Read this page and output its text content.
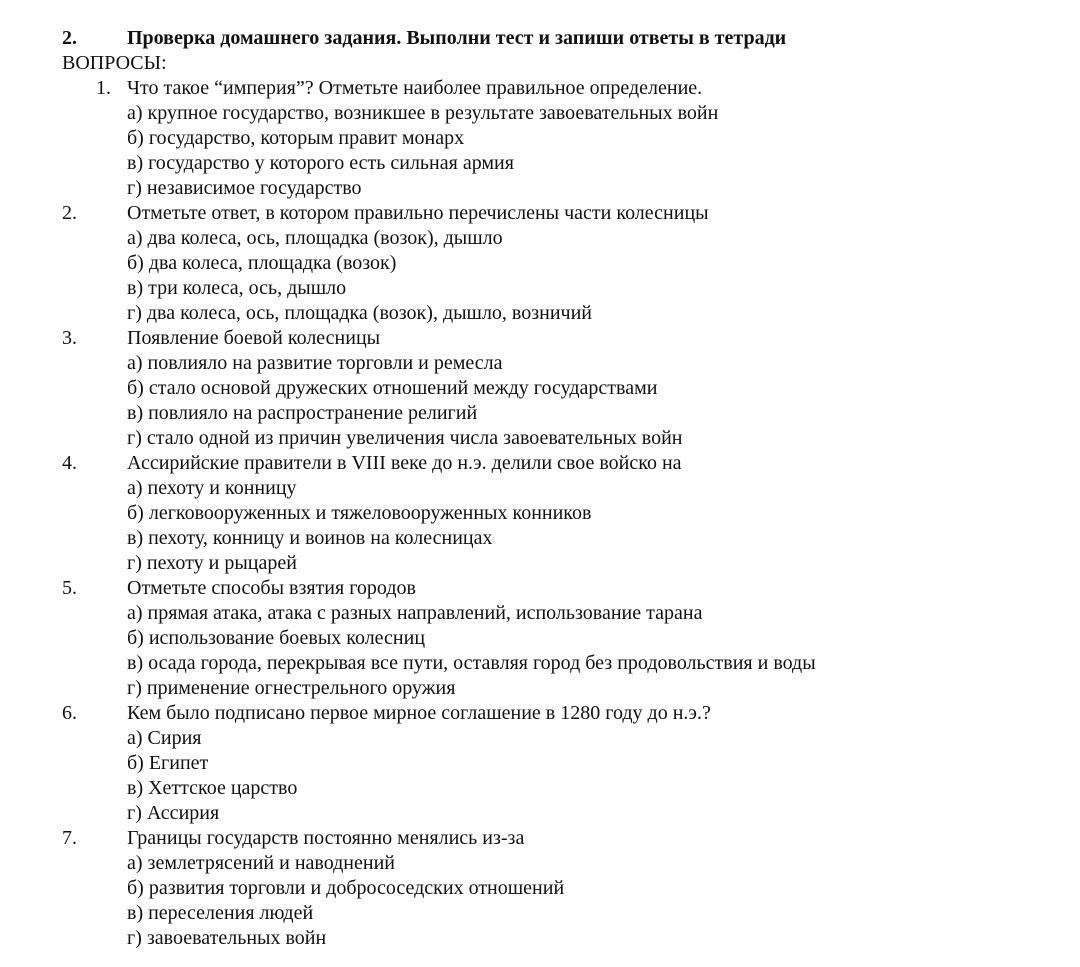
2.	Проверка домашнего задания. Выполни тест и запиши ответы в тетради
ВОПРОСЫ:
1. Что такое “империя”? Отметьте наиболее правильное определение.
а) крупное государство, возникшее в результате завоевательных войн
б) государство, которым правит монарх
в) государство у которого есть сильная армия
г) независимое государство
2.	Отметьте ответ, в котором правильно перечислены части колесницы
а) два колеса, ось, площадка (возок), дышло
б) два колеса, площадка (возок)
в) три колеса, ось, дышло
г) два колеса, ось, площадка (возок), дышло, возничий
3.	Появление боевой колесницы
а) повлияло на развитие торговли и ремесла
б) стало основой дружеских отношений между государствами
в) повлияло на распространение религий
г) стало одной из причин увеличения числа завоевательных войн
4.	Ассирийские правители в VIII веке до н.э. делили свое войско на
а) пехоту и конницу
б) легковооруженных и тяжеловооруженных конников
в) пехоту, конницу и воинов на колесницах
г) пехоту и рыцарей
5.	Отметьте способы взятия городов
а) прямая атака, атака с разных направлений, использование тарана
б) использование боевых колесниц
в) осада города, перекрывая все пути, оставляя город без продовольствия и воды
г) применение огнестрельного оружия
6.	Кем было подписано первое мирное соглашение в 1280 году до н.э.?
а) Сирия
б) Египет
в) Хеттское царство
г) Ассирия
7.	Границы государств постоянно менялись из-за
а) землетрясений и наводнений
б) развития торговли и добрососедских отношений
в) переселения людей
г) завоевательных войн
